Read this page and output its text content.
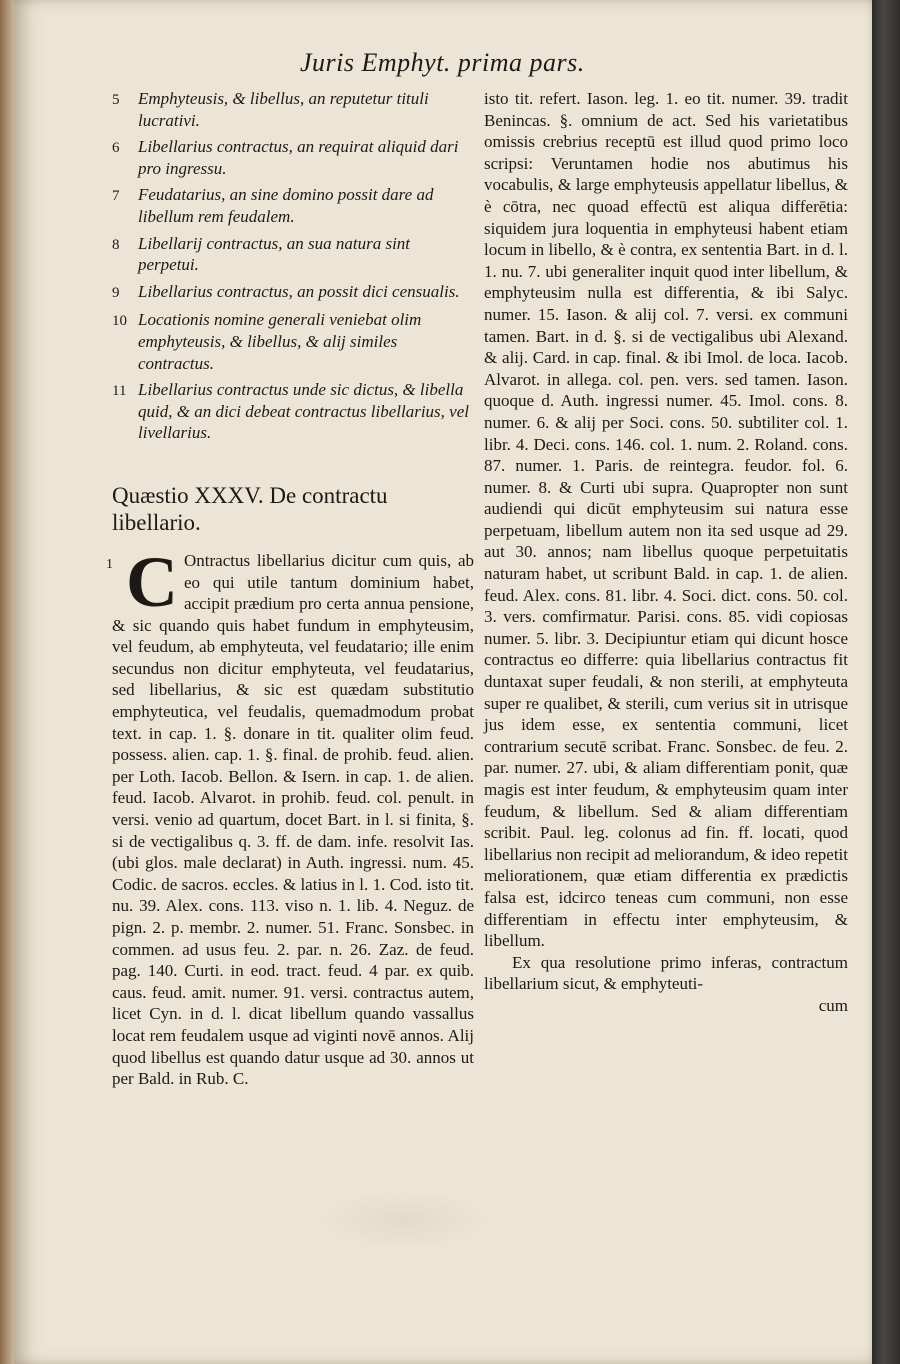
Juris Emphyt. prima pars.
5	Emphyteusis, & libellus, an reputetur tituli lucrativi.
6	Libellarius contractus, an requirat aliquid dari pro ingressu.
7	Feudatarius, an sine domino possit dare ad libellum rem feudalem.
8	Libellarij contractus, an sua natura sint perpetui.
9	Libellarius contractus, an possit dici censualis.
10 Locationis nomine generali veniebat olim emphyteusis, & libellus, & alij similes contractus.
11 Libellarius contractus unde sic dictus, & libella quid, & an dici debeat contractus libellarius, vel livellarius.
Quæstio XXXV. De contractu libellario.
1 C Ontractus libellarius dicitur cum quis, ab eo qui utile tantum dominium habet, accipit prædium pro certa annua pensione, & sic quando quis habet fundum in emphyteusim, vel feudum, ab emphyteuta, vel feudatario; ille enim secundus non dicitur emphyteuta, vel feudatarius, sed libellarius, & sic est quædam substitutio emphyteutica, vel feudalis, quemadmodum probat text. in cap. 1. §. donare in tit. qualiter olim feud. possess. alien. cap. 1. §. final. de prohib. feud. alien. per Loth. Iacob. Bellon. & Isern. in cap. 1. de alien. feud. Iacob. Alvarot. in prohib. feud. col. penult. in versi. venio ad quartum, docet Bart. in l. si finita, §. si de vectigalibus q. 3. ff. de dam. infe. resolvit Ias. (ubi glos. male declarat) in Auth. ingressi. num. 45. Codic. de sacros. eccles. & latius in l. 1. Cod. isto tit. nu. 39. Alex. cons. 113. viso n. 1. lib. 4. Neguz. de pign. 2. p. membr. 2. numer. 51. Franc. Sonsbec. in commen. ad usus feu. 2. par. n. 26. Zaz. de feud. pag. 140. Curti. in eod. tract. feud. 4 par. ex quib. caus. feud. amit. numer. 91. versi. contractus autem, licet Cyn. in d. l. dicat libellum quando vassallus locat rem feudalem usque ad viginti novē annos. Alij quod libellus est quando datur usque ad 30. annos ut per Bald. in Rub. C.
isto tit. refert. Iason. leg. 1. eo tit. numer. 39. tradit Benincas. §. omnium de act. Sed his varietatibus omissis crebrius receptū est illud quod primo loco scripsi: Veruntamen hodie nos abutimus his vocabulis, & large emphyteusis appellatur libellus, & è cōtra, nec quoad effectū est aliqua differētia: siquidem jura loquentia in emphyteusi habent etiam locum in libello, & è contra, ex sententia Bart. in d. l. 1. nu. 7. ubi generaliter inquit quod inter libellum, & emphyteusim nulla est differentia, & ibi Salyc. numer. 15. Iason. & alij col. 7. versi. ex communi tamen. Bart. in d. §. si de vectigalibus ubi Alexand. & alij. Card. in cap. final. & ibi Imol. de loca. Iacob. Alvarot. in allega. col. pen. vers. sed tamen. Iason. quoque d. Auth. ingressi numer. 45. Imol. cons. 8. numer. 6. & alij per Soci. cons. 50. subtiliter col. 1. libr. 4. Deci. cons. 146. col. 1. num. 2. Roland. cons. 87. numer. 1. Paris. de reintegra. feudor. fol. 6. numer. 8. & Curti ubi supra. Quapropter non sunt audiendi qui dicūt emphyteusim sui natura esse perpetuam, libellum autem non ita sed usque ad 29. aut 30. annos; nam libellus quoque perpetuitatis naturam habet, ut scribunt Bald. in cap. 1. de alien. feud. Alex. cons. 81. libr. 4. Soci. dict. cons. 50. col. 3. vers. comfirmatur. Parisi. cons. 85. vidi copiosas numer. 5. libr. 3. Decipiuntur etiam qui dicunt hosce contractus eo differre: quia libellarius contractus fit duntaxat super feudali, & non sterili, at emphyteuta super re qualibet, & sterili, cum verius sit in utrisque jus idem esse, ex sententia communi, licet contrarium secutē scribat. Franc. Sonsbec. de feu. 2. par. numer. 27. ubi, & aliam differentiam ponit, quæ magis est inter feudum, & emphyteusim quam inter feudum, & libellum. Sed & aliam differentiam scribit. Paul. leg. colonus ad fin. ff. locati, quod libellarius non recipit ad meliorandum, & ideo repetit meliorationem, quæ etiam differentia ex prædictis falsa est, idcirco teneas cum communi, non esse differentiam in effectu inter emphyteusim, & libellum.
Ex qua resolutione primo inferas, contractum libellarium sicut, & emphyteuti-
cum
